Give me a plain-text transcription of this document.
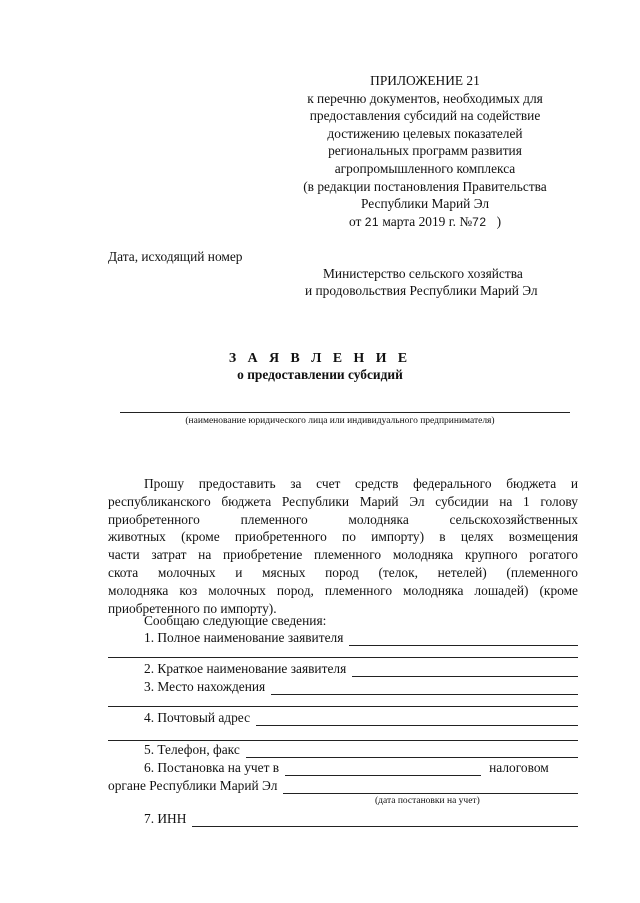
ПРИЛОЖЕНИЕ 21
к перечню документов, необходимых для
предоставления субсидий на содействие
достижению целевых показателей
региональных программ развития
агропромышленного комплекса
(в редакции постановления Правительства
Республики Марий Эл
от 21 марта 2019 г. №72 )
Дата, исходящий номер
Министерство сельского хозяйства
и продовольствия Республики Марий Эл
З А Я В Л Е Н И Е
о предоставлении субсидий
(наименование юридического лица или индивидуального предпринимателя)
Прошу предоставить за счет средств федерального бюджета и
республиканского бюджета Республики Марий Эл субсидии на 1 голову
приобретенного племенного молодняка сельскохозяйственных
животных (кроме приобретенного по импорту) в целях возмещения
части затрат на приобретение племенного молодняка крупного рогатого
скота молочных и мясных пород (телок, нетелей) (племенного
молодняка коз молочных пород, племенного молодняка лошадей) (кроме
приобретенного по импорту).
Сообщаю следующие сведения:
1. Полное наименование заявителя
2. Краткое наименование заявителя
3. Место нахождения
4. Почтовый адрес
5. Телефон, факс
6. Постановка на учет в	налоговом
органе Республики Марий Эл
(дата постановки на учет)
7. ИНН
